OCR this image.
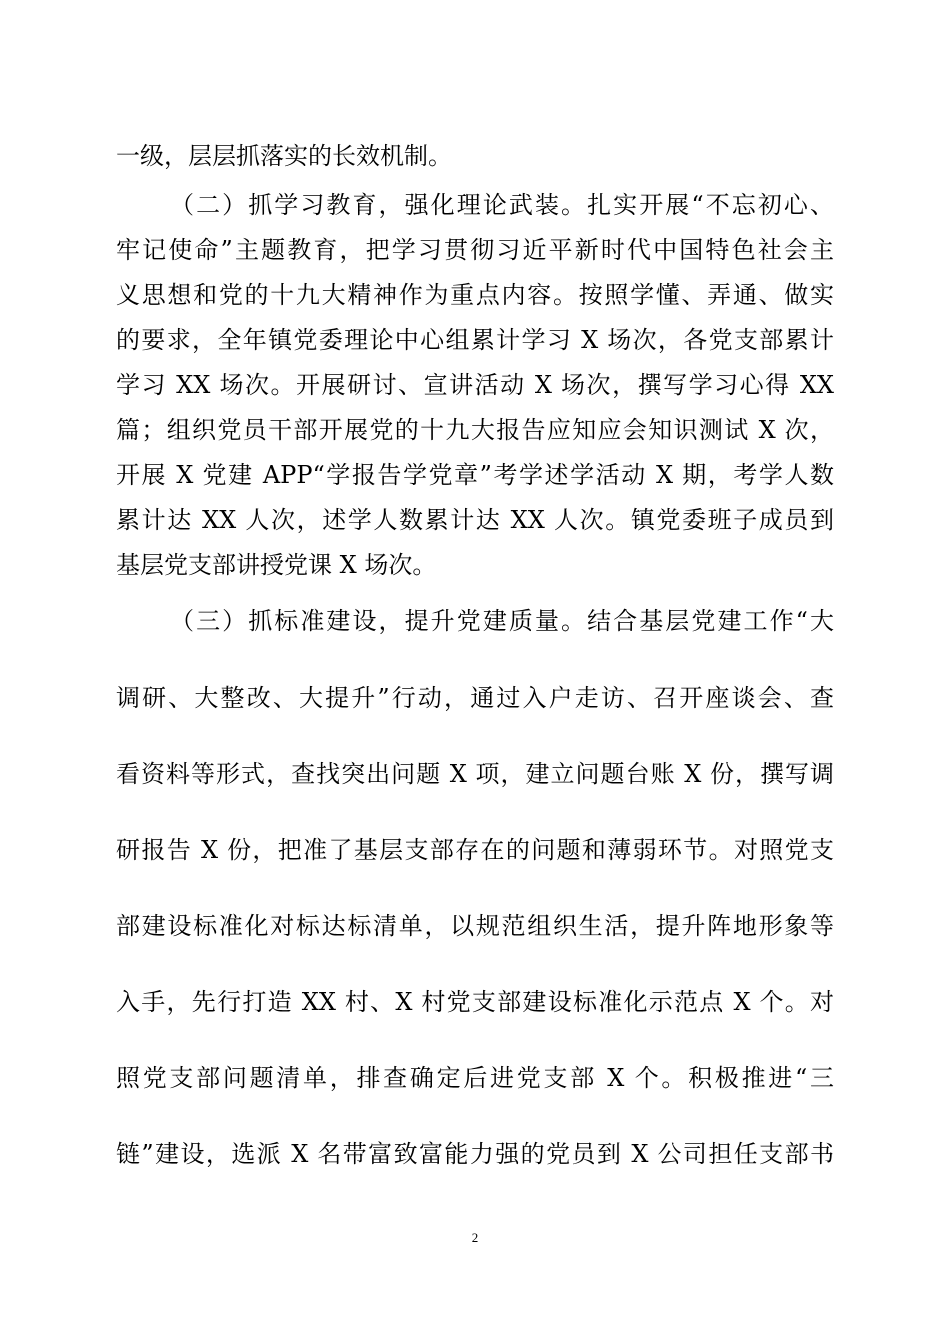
一级，层层抓落实的长效机制。
（二）抓学习教育，强化理论武装。扎实开展“不忘初心、
牢记使命”主题教育，把学习贯彻习近平新时代中国特色社会主
义思想和党的十九大精神作为重点内容。按照学懂、弄通、做实
的要求，全年镇党委理论中心组累计学习 X 场次，各党支部累计
学习 XX 场次。开展研讨、宣讲活动 X 场次，撰写学习心得 XX
篇；组织党员干部开展党的十九大报告应知应会知识测试 X 次，
开展 X 党建 APP“学报告学党章”考学述学活动 X 期，考学人数
累计达 XX 人次，述学人数累计达 XX 人次。镇党委班子成员到
基层党支部讲授党课 X 场次。
（三）抓标准建设，提升党建质量。结合基层党建工作“大
调研、大整改、大提升”行动，通过入户走访、召开座谈会、查
看资料等形式，查找突出问题 X 项，建立问题台账 X 份，撰写调
研报告 X 份，把准了基层支部存在的问题和薄弱环节。对照党支
部建设标准化对标达标清单，以规范组织生活，提升阵地形象等
入手，先行打造 XX 村、X 村党支部建设标准化示范点 X 个。对
照党支部问题清单，排查确定后进党支部 X 个。积极推进“三
链”建设，选派 X 名带富致富能力强的党员到 X 公司担任支部书
2
